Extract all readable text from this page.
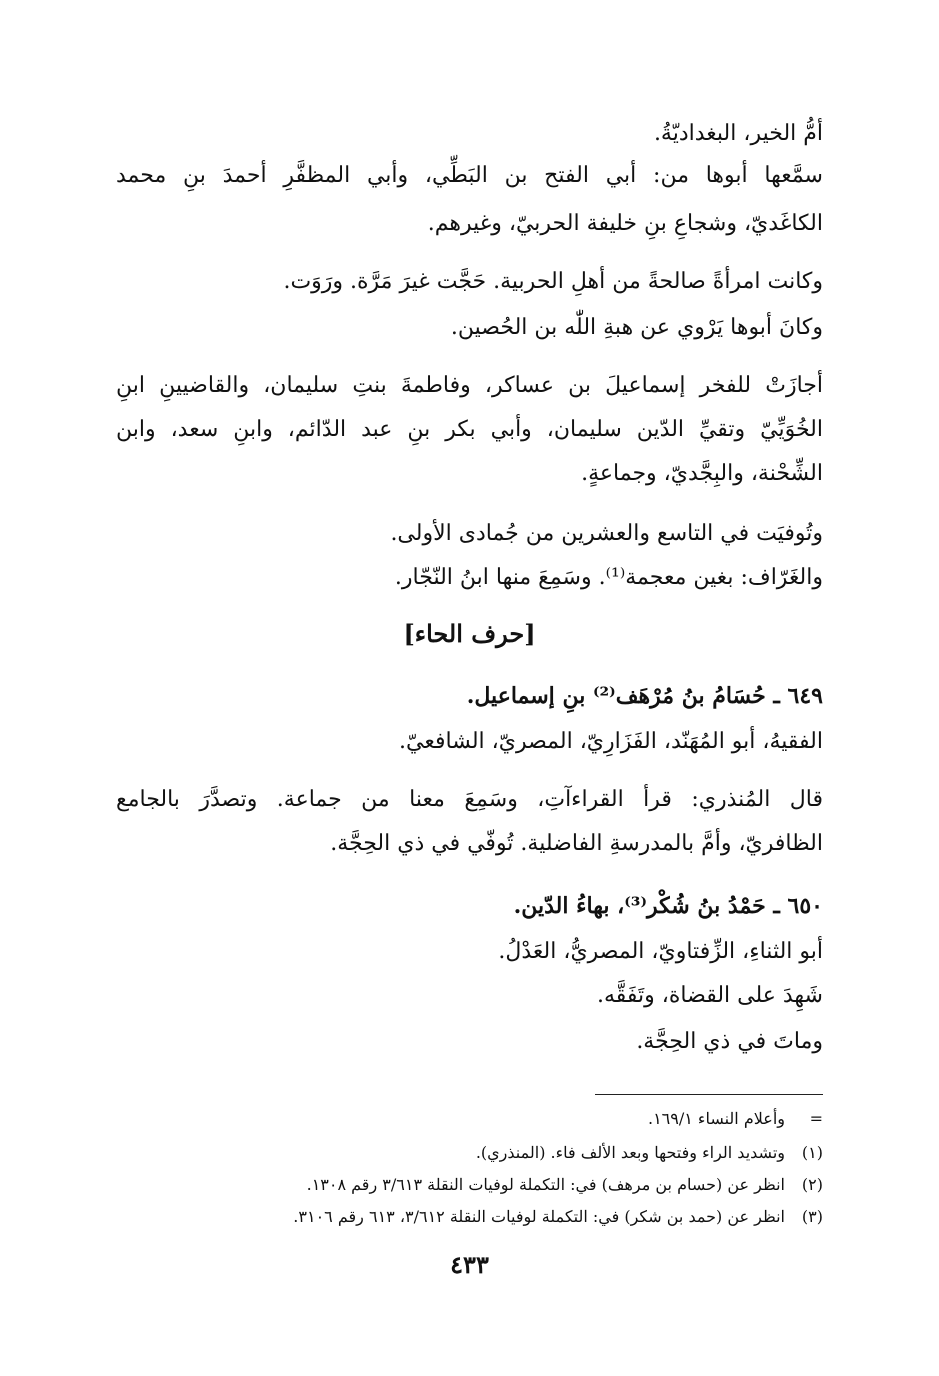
أمُّ الخير، البغداديّةُ.
سمَّعها أبوها من: أبي الفتح بن البَطِّي، وأبي المظفَّرِ أحمدَ بنِ محمد
الكاغَديّ، وشجاعِ بنِ خليفة الحربيّ، وغيرهم.
وكانت امرأةً صالحةً من أهلِ الحربية. حَجَّت غيرَ مَرَّة. ورَوَت.
وكانَ أبوها يَرْوي عن هبةِ اللّٰه بن الحُصين.
أجازَتْ للفخر إسماعيلَ بن عساكر، وفاطمةَ بنتِ سليمان، والقاضيينِ ابنِ
الخُوَيِّيّ وتقيِّ الدّين سليمان، وأبي بكر بنِ عبد الدّائم، وابنِ سعد، وابن
الشِّحْنة، والبِجَّديّ، وجماعةٍ.
وتُوفيَت في التاسع والعشرين من جُمادى الأولى.
والغَرّاف: بغين معجمة⁽¹⁾. وسَمِعَ منها ابنُ النّجّار.
[حرف الحاء]
٦٤٩ ـ حُسَامُ بنُ مُرْهَف⁽²⁾ بنِ إسماعيل.
الفقيهُ، أبو المُهَنّد، الفَزَارِيّ، المصريّ، الشافعيّ.
قال المُنذري: قرأ القراءآتِ، وسَمِعَ معنا من جماعة. وتصدَّرَ بالجامع
الظافريّ، وأمَّ بالمدرسةِ الفاضلية. تُوفّي في ذي الحِجَّة.
٦٥٠ ـ حَمْدُ بنُ شُكْر⁽³⁾، بهاءُ الدّين.
أبو الثناءِ، الزِّفتاويّ، المصريُّ، العَدْلُ.
شَهِدَ على القضاة، وتَفَقَّه.
وماتَ في ذي الحِجَّة.
=وأعلام النساء ١٦٩/١.
(١)وتشديد الراء وفتحها وبعد الألف فاء. (المنذري).
(٢)انظر عن (حسام بن مرهف) في: التكملة لوفيات النقلة ٣/٦١٣ رقم ١٣٠٨.
(٣)انظر عن (حمد بن شكر) في: التكملة لوفيات النقلة ٣/٦١٢، ٦١٣ رقم ٣١٠٦.
٤٣٣
